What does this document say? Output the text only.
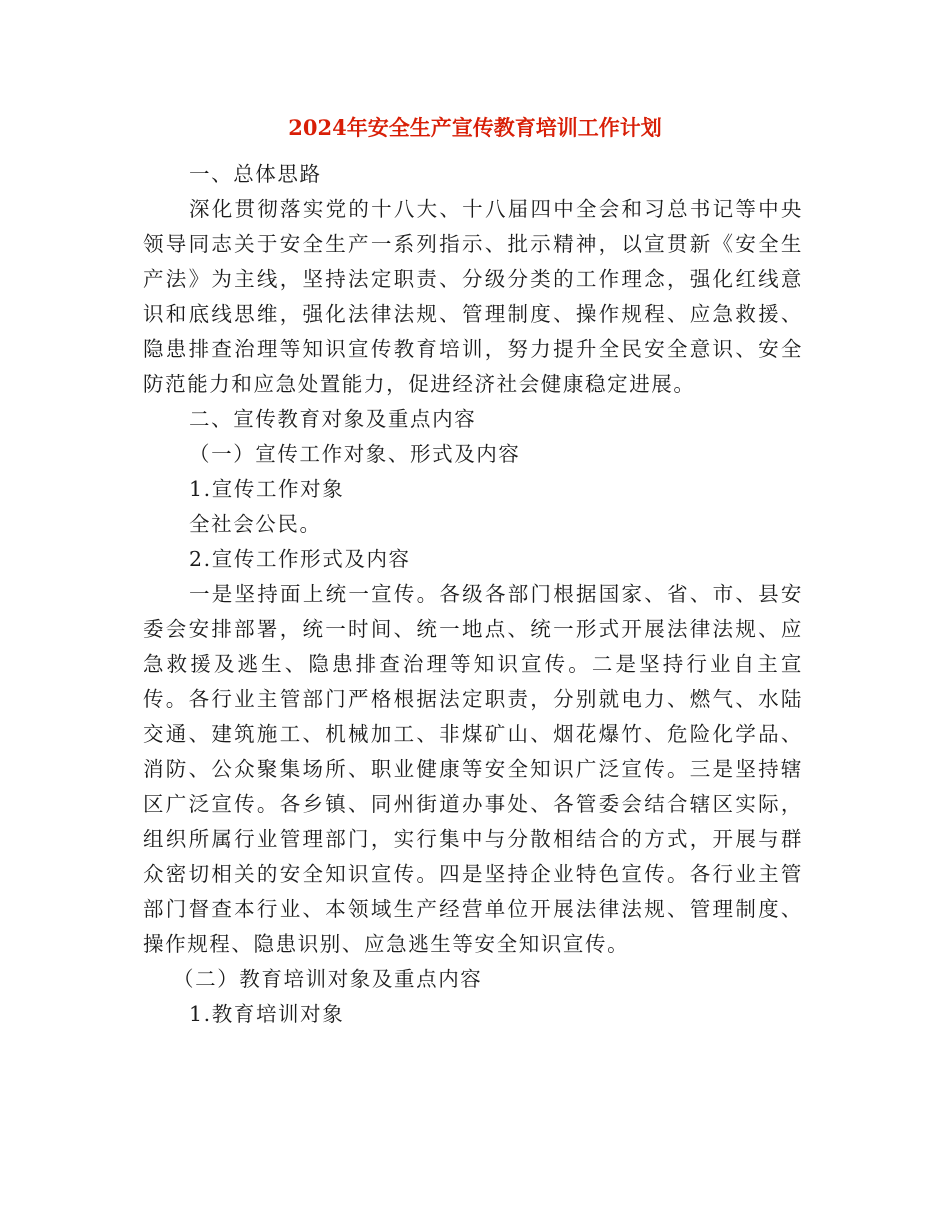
2024年安全生产宣传教育培训工作计划

一、总体思路

深化贯彻落实党的十八大、十八届四中全会和习总书记等中央领导同志关于安全生产一系列指示、批示精神，以宣贯新《安全生产法》为主线，坚持法定职责、分级分类的工作理念，强化红线意识和底线思维，强化法律法规、管理制度、操作规程、应急救援、隐患排查治理等知识宣传教育培训，努力提升全民安全意识、安全防范能力和应急处置能力，促进经济社会健康稳定进展。

二、宣传教育对象及重点内容

（一）宣传工作对象、形式及内容

1.宣传工作对象

全社会公民。

2.宣传工作形式及内容

一是坚持面上统一宣传。各级各部门根据国家、省、市、县安委会安排部署，统一时间、统一地点、统一形式开展法律法规、应急救援及逃生、隐患排查治理等知识宣传。二是坚持行业自主宣传。各行业主管部门严格根据法定职责，分别就电力、燃气、水陆交通、建筑施工、机械加工、非煤矿山、烟花爆竹、危险化学品、消防、公众聚集场所、职业健康等安全知识广泛宣传。三是坚持辖区广泛宣传。各乡镇、同州街道办事处、各管委会结合辖区实际，组织所属行业管理部门，实行集中与分散相结合的方式，开展与群众密切相关的安全知识宣传。四是坚持企业特色宣传。各行业主管部门督查本行业、本领域生产经营单位开展法律法规、管理制度、操作规程、隐患识别、应急逃生等安全知识宣传。

（二）教育培训对象及重点内容

1.教育培训对象
